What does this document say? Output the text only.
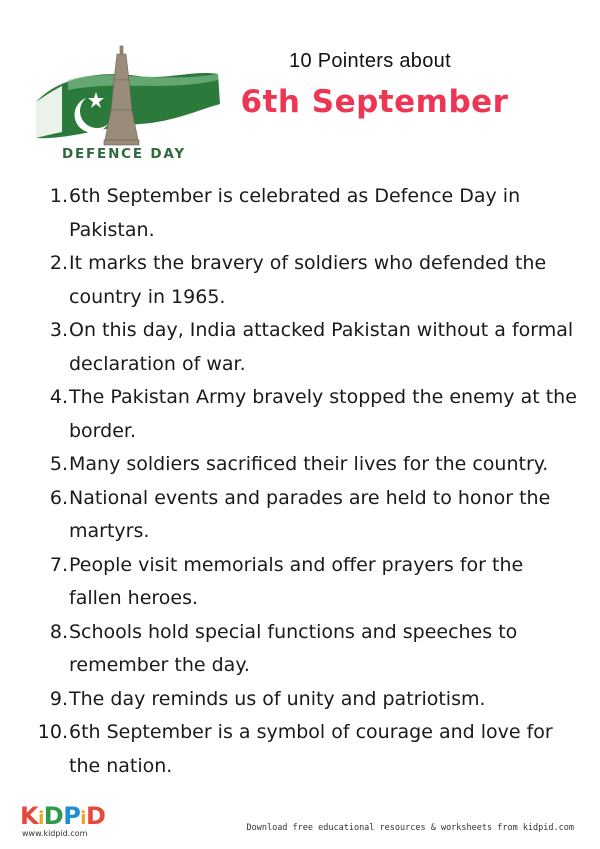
10 Pointers about
6th September
DEFENCE DAY
1. 6th September is celebrated as Defence Day in Pakistan.
2. It marks the bravery of soldiers who defended the country in 1965.
3. On this day, India attacked Pakistan without a formal declaration of war.
4. The Pakistan Army bravely stopped the enemy at the border.
5. Many soldiers sacrificed their lives for the country.
6. National events and parades are held to honor the martyrs.
7. People visit memorials and offer prayers for the fallen heroes.
8. Schools hold special functions and speeches to remember the day.
9. The day reminds us of unity and patriotism.
10. 6th September is a symbol of courage and love for the nation.
KiDPiD
www.kidpid.com
Download free educational resources & worksheets from kidpid.com
